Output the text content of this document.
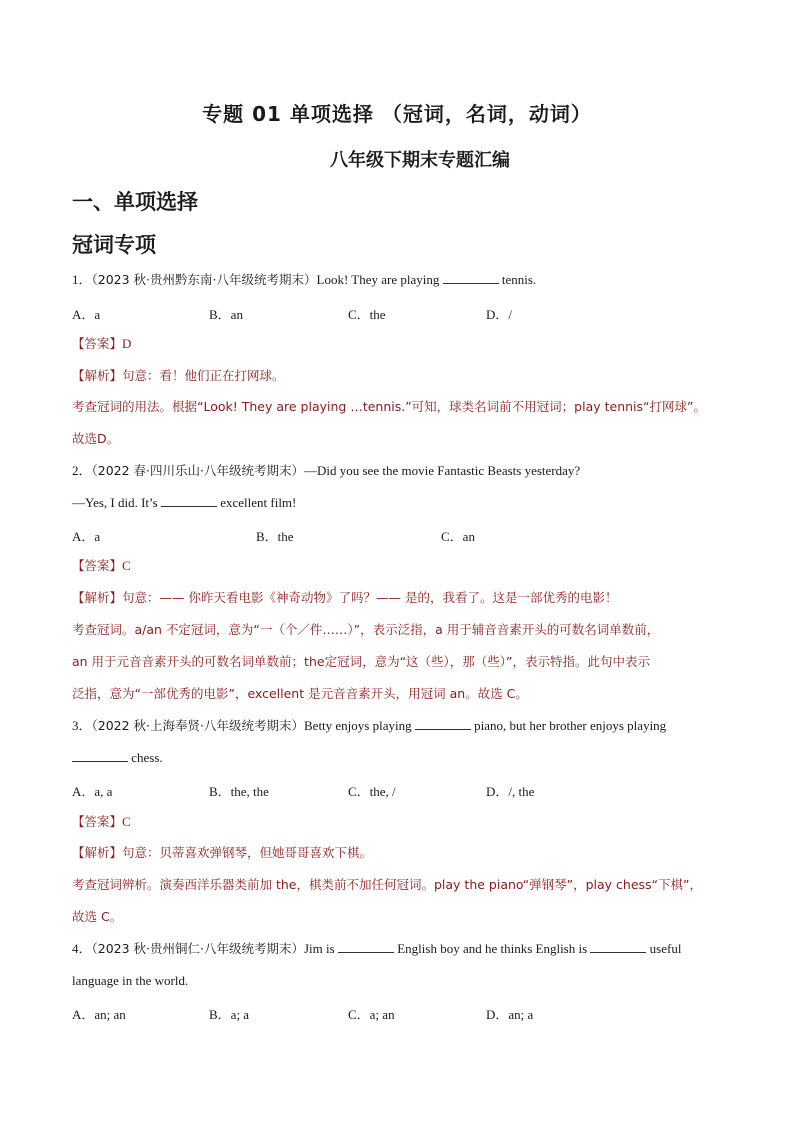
专题 01 单项选择 （冠词，名词，动词）
八年级下期末专题汇编
一、单项选择
冠词专项
1．（2023 秋·贵州黔东南·八年级统考期末）Look! They are playing	tennis.
A．a	B．an	C．the	D．/
【答案】D
【解析】句意：看！他们正在打网球。
考查冠词的用法。根据“Look! They are playing …tennis.”可知，球类名词前不用冠词；play tennis“打网球”。
故选D。
2．（2022 春·四川乐山·八年级统考期末）—Did you see the movie Fantastic Beasts yesterday?
—Yes, I did. It’s	excellent film!
A．a	B．the	C．an
【答案】C
【解析】句意：—— 你昨天看电影《神奇动物》了吗？—— 是的，我看了。这是一部优秀的电影！
考查冠词。a/an 不定冠词，意为“一（个／件……）”，表示泛指，a 用于辅音音素开头的可数名词单数前，
an 用于元音音素开头的可数名词单数前；the定冠词，意为“这（些），那（些）”，表示特指。此句中表示
泛指，意为“一部优秀的电影”，excellent 是元音音素开头，用冠词 an。故选 C。
3．（2022 秋·上海奉贤·八年级统考期末）Betty enjoys playing	piano, but her brother enjoys playing
chess.
A．a, a	B．the, the	C．the, /	D．/, the
【答案】C
【解析】句意：贝蒂喜欢弹钢琴，但她哥哥喜欢下棋。
考查冠词辨析。演奏西洋乐器类前加 the，棋类前不加任何冠词。play the piano“弹钢琴”，play chess“下棋”，
故选 C。
4．（2023 秋·贵州铜仁·八年级统考期末）Jim is	English boy and he thinks English is	useful
language in the world.
A．an; an	B．a; a	C．a; an	D．an; a
